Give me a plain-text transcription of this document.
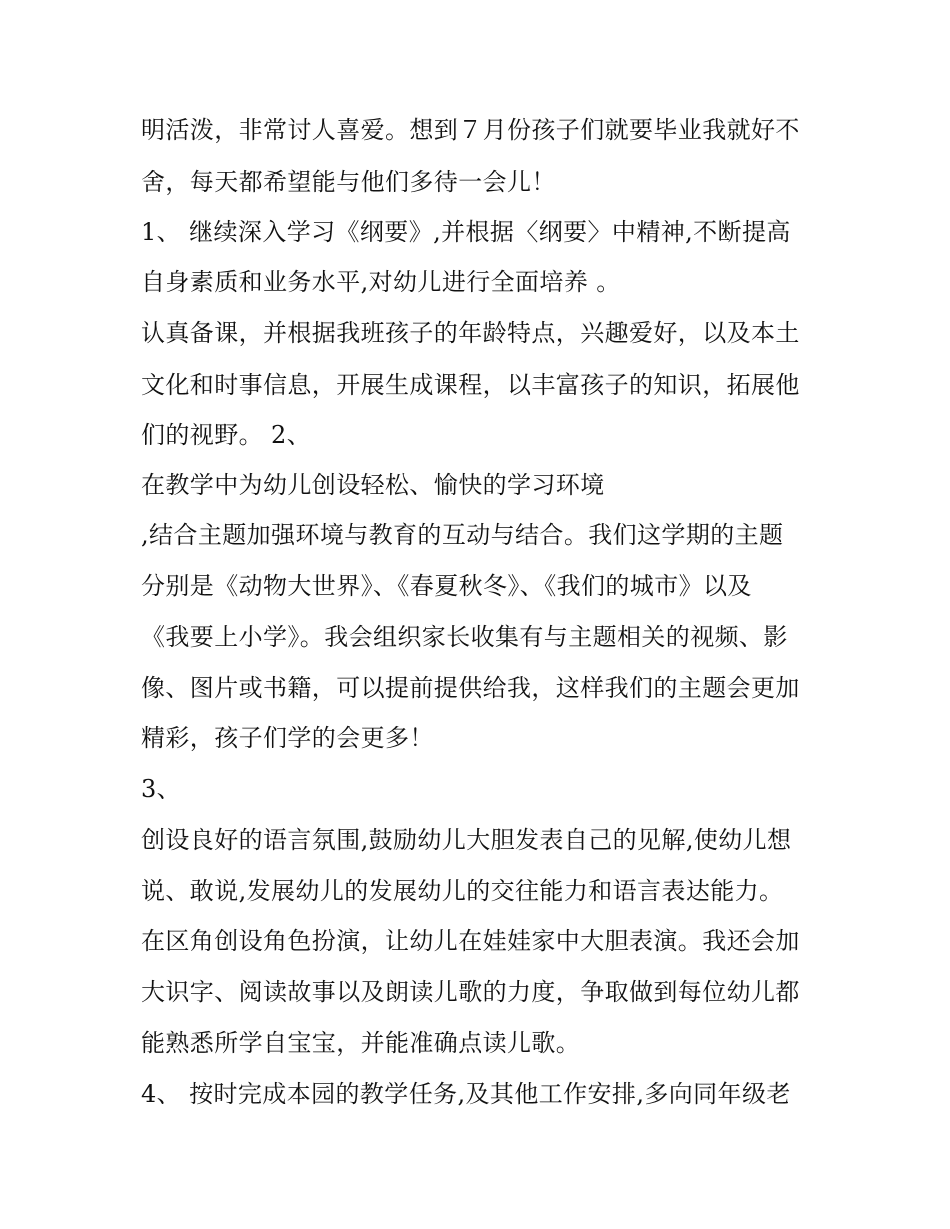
明活泼，非常讨人喜爱。想到７月份孩子们就要毕业我就好不
舍，每天都希望能与他们多待一会儿！
1、 继续深入学习《纲要》,并根据〈纲要〉中精神,不断提高
自身素质和业务水平,对幼儿进行全面培养 。
认真备课，并根据我班孩子的年龄特点，兴趣爱好，以及本土
文化和时事信息，开展生成课程，以丰富孩子的知识，拓展他
们的视野。 2、
在教学中为幼儿创设轻松、愉快的学习环境
,结合主题加强环境与教育的互动与结合。我们这学期的主题
分别是《动物大世界》、《春夏秋冬》、《我们的城市》以及
《我要上小学》。我会组织家长收集有与主题相关的视频、影
像、图片或书籍，可以提前提供给我，这样我们的主题会更加
精彩，孩子们学的会更多！
3、
创设良好的语言氛围,鼓励幼儿大胆发表自己的见解,使幼儿想
说、敢说,发展幼儿的发展幼儿的交往能力和语言表达能力。
在区角创设角色扮演，让幼儿在娃娃家中大胆表演。我还会加
大识字、阅读故事以及朗读儿歌的力度，争取做到每位幼儿都
能熟悉所学自宝宝，并能准确点读儿歌。
4、 按时完成本园的教学任务,及其他工作安排,多向同年级老
